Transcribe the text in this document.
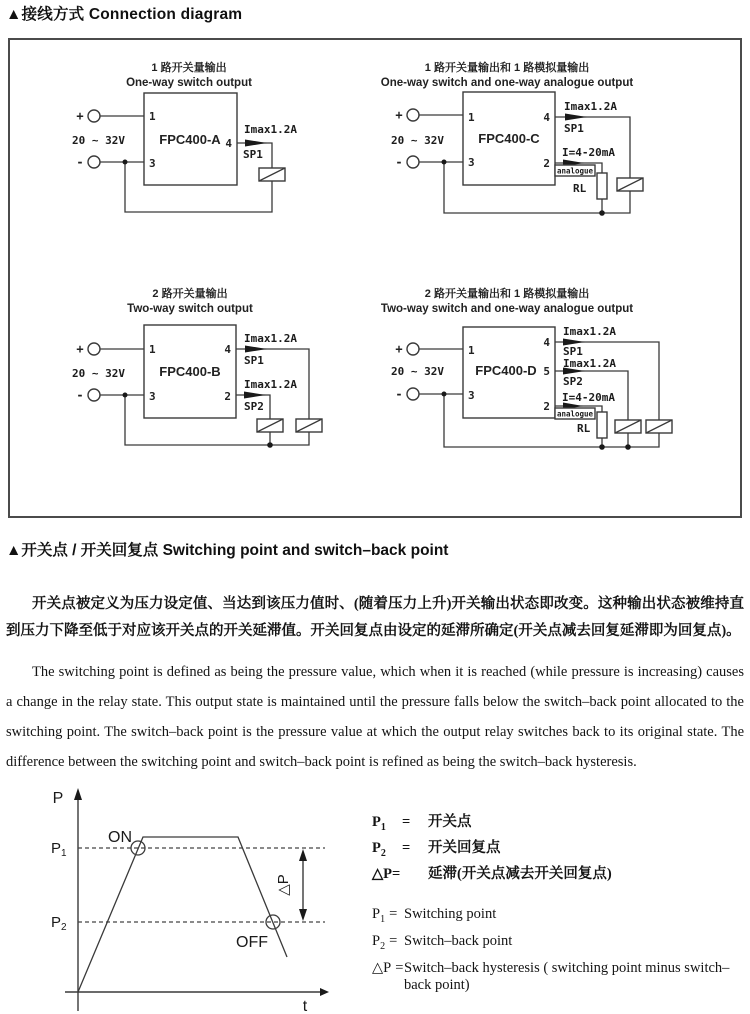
▲接线方式 Connection diagram
1 路开关量输出
One-way switch output
FPC400-A
+
-
20 ~ 32V
1
3
4
Imax1.2A
SP1
1 路开关量输出和 1 路模拟量输出
One-way switch and one-way analogue output
FPC400-C
+
-
20 ~ 32V
1
3
4
2
Imax1.2A
SP1
I=4-20mA
analogue
RL
2 路开关量输出
Two-way switch output
FPC400-B
+
-
20 ~ 32V
1
3
4
2
Imax1.2A
SP1
Imax1.2A
SP2
2 路开关量输出和 1 路模拟量输出
Two-way switch and one-way analogue output
FPC400-D
+
-
20 ~ 32V
1
3
4
5
2
Imax1.2A
SP1
Imax1.2A
SP2
I=4-20mA
analogue
RL
▲开关点 / 开关回复点 Switching point and switch–back point

开关点被定义为压力设定值、当达到该压力值时、(随着压力上升)开关输出状态即改变。这种输出状态被维持直到压力下降至低于对应该开关点的开关延滞值。开关回复点由设定的延滞所确定(开关点减去回复延滞即为回复点)。

The switching point is defined as being the pressure value, which when it is reached (while pressure is increasing) causes a change in the relay state. This output state is maintained until the pressure falls below the switch–back point allocated to the switching point. The switch–back point is the pressure value at which the output relay switches back to its original state. The difference between the switching point and switch–back point is refined as being the switch–back hysteresis.

P
t
$P_1$
$P_2$
ON
OFF
△P
$P_1$	=	开关点
$P_2$	=	开关回复点
△P= 延滞(开关点减去开关回复点)
$P_1$ = Switching point
$P_2$ = Switch–back point
△P = Switch–back hysteresis ( switching point minus switch–back point)
